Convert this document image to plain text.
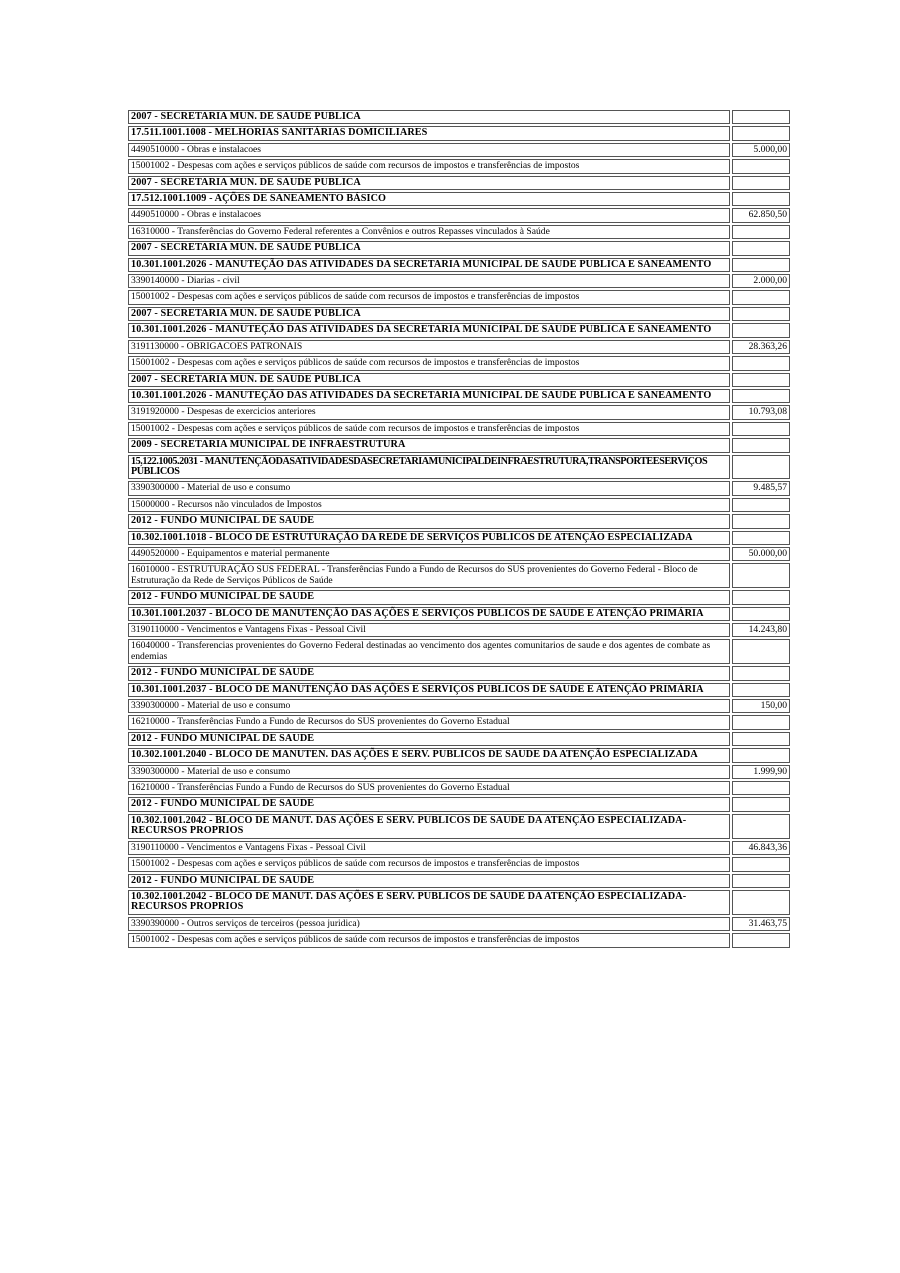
2007 - SECRETARIA MUN. DE SAUDE PUBLICA	
17.511.1001.1008 - MELHORIAS SANITÁRIAS DOMICILIARES	
4490510000 - Obras e instalacoes	5.000,00
15001002 - Despesas com ações e serviços públicos de saúde com recursos de impostos e transferências de impostos	
2007 - SECRETARIA MUN. DE SAUDE PUBLICA	
17.512.1001.1009 - AÇÕES DE SANEAMENTO BÁSICO	
4490510000 - Obras e instalacoes	62.850,50
16310000 - Transferências do Governo Federal referentes a Convênios e outros Repasses vinculados à Saúde	
2007 - SECRETARIA MUN. DE SAUDE PUBLICA	
10.301.1001.2026 - MANUTEÇÃO DAS ATIVIDADES DA SECRETARIA MUNICIPAL DE SAUDE PUBLICA E SANEAMENTO	
3390140000 - Diarias - civil	2.000,00
15001002 - Despesas com ações e serviços públicos de saúde com recursos de impostos e transferências de impostos	
2007 - SECRETARIA MUN. DE SAUDE PUBLICA	
10.301.1001.2026 - MANUTEÇÃO DAS ATIVIDADES DA SECRETARIA MUNICIPAL DE SAUDE PUBLICA E SANEAMENTO	
3191130000 - OBRIGACOES PATRONAIS	28.363,26
15001002 - Despesas com ações e serviços públicos de saúde com recursos de impostos e transferências de impostos	
2007 - SECRETARIA MUN. DE SAUDE PUBLICA	
10.301.1001.2026 - MANUTEÇÃO DAS ATIVIDADES DA SECRETARIA MUNICIPAL DE SAUDE PUBLICA E SANEAMENTO	
3191920000 - Despesas de exercicios anteriores	10.793,08
15001002 - Despesas com ações e serviços públicos de saúde com recursos de impostos e transferências de impostos	
2009 - SECRETARIA MUNICIPAL DE INFRAESTRUTURA	
15.122.1005.2031 - MANUTENÇÃODASATIVIDADESDASECRETARIAMUNICIPALDEINFRAESTRUTURA,TRANSPORTEESERVIÇOS PÚBLICOS	
3390300000 - Material de uso e consumo	9.485,57
15000000 - Recursos não vinculados de Impostos	
2012 - FUNDO MUNICIPAL DE SAUDE	
10.302.1001.1018 - BLOCO DE ESTRUTURAÇÃO DA REDE DE SERVIÇOS PUBLICOS DE ATENÇÃO ESPECIALIZADA	
4490520000 - Equipamentos e material permanente	50.000,00
16010000 - ESTRUTURAÇÃO SUS FEDERAL - Transferências Fundo a Fundo de Recursos do SUS provenientes do Governo Federal - Bloco de Estruturação da Rede de Serviços Públicos de Saúde	
2012 - FUNDO MUNICIPAL DE SAUDE	
10.301.1001.2037 - BLOCO DE MANUTENÇÃO DAS AÇÕES E SERVIÇOS PUBLICOS DE SAUDE E ATENÇÃO PRIMÁRIA	
3190110000 - Vencimentos e Vantagens Fixas - Pessoal Civil	14.243,80
16040000 - Transferencias provenientes do Governo Federal destinadas ao vencimento dos agentes comunitarios de saude e dos agentes de combate as endemias	
2012 - FUNDO MUNICIPAL DE SAUDE	
10.301.1001.2037 - BLOCO DE MANUTENÇÃO DAS AÇÕES E SERVIÇOS PUBLICOS DE SAUDE E ATENÇÃO PRIMÁRIA	
3390300000 - Material de uso e consumo	150,00
16210000 - Transferências Fundo a Fundo de Recursos do SUS provenientes do Governo Estadual	
2012 - FUNDO MUNICIPAL DE SAUDE	
10.302.1001.2040 - BLOCO DE MANUTEN. DAS AÇÕES E SERV. PUBLICOS DE SAUDE DA ATENÇÃO ESPECIALIZADA	
3390300000 - Material de uso e consumo	1.999,90
16210000 - Transferências Fundo a Fundo de Recursos do SUS provenientes do Governo Estadual	
2012 - FUNDO MUNICIPAL DE SAUDE	
10.302.1001.2042 - BLOCO DE MANUT. DAS AÇÕES E SERV. PUBLICOS DE SAUDE DA ATENÇÃO ESPECIALIZADA- RECURSOS PROPRIOS	
3190110000 - Vencimentos e Vantagens Fixas - Pessoal Civil	46.843,36
15001002 - Despesas com ações e serviços públicos de saúde com recursos de impostos e transferências de impostos	
2012 - FUNDO MUNICIPAL DE SAUDE	
10.302.1001.2042 - BLOCO DE MANUT. DAS AÇÕES E SERV. PUBLICOS DE SAUDE DA ATENÇÃO ESPECIALIZADA- RECURSOS PROPRIOS	
3390390000 - Outros serviços de terceiros (pessoa juridica)	31.463,75
15001002 - Despesas com ações e serviços públicos de saúde com recursos de impostos e transferências de impostos	
